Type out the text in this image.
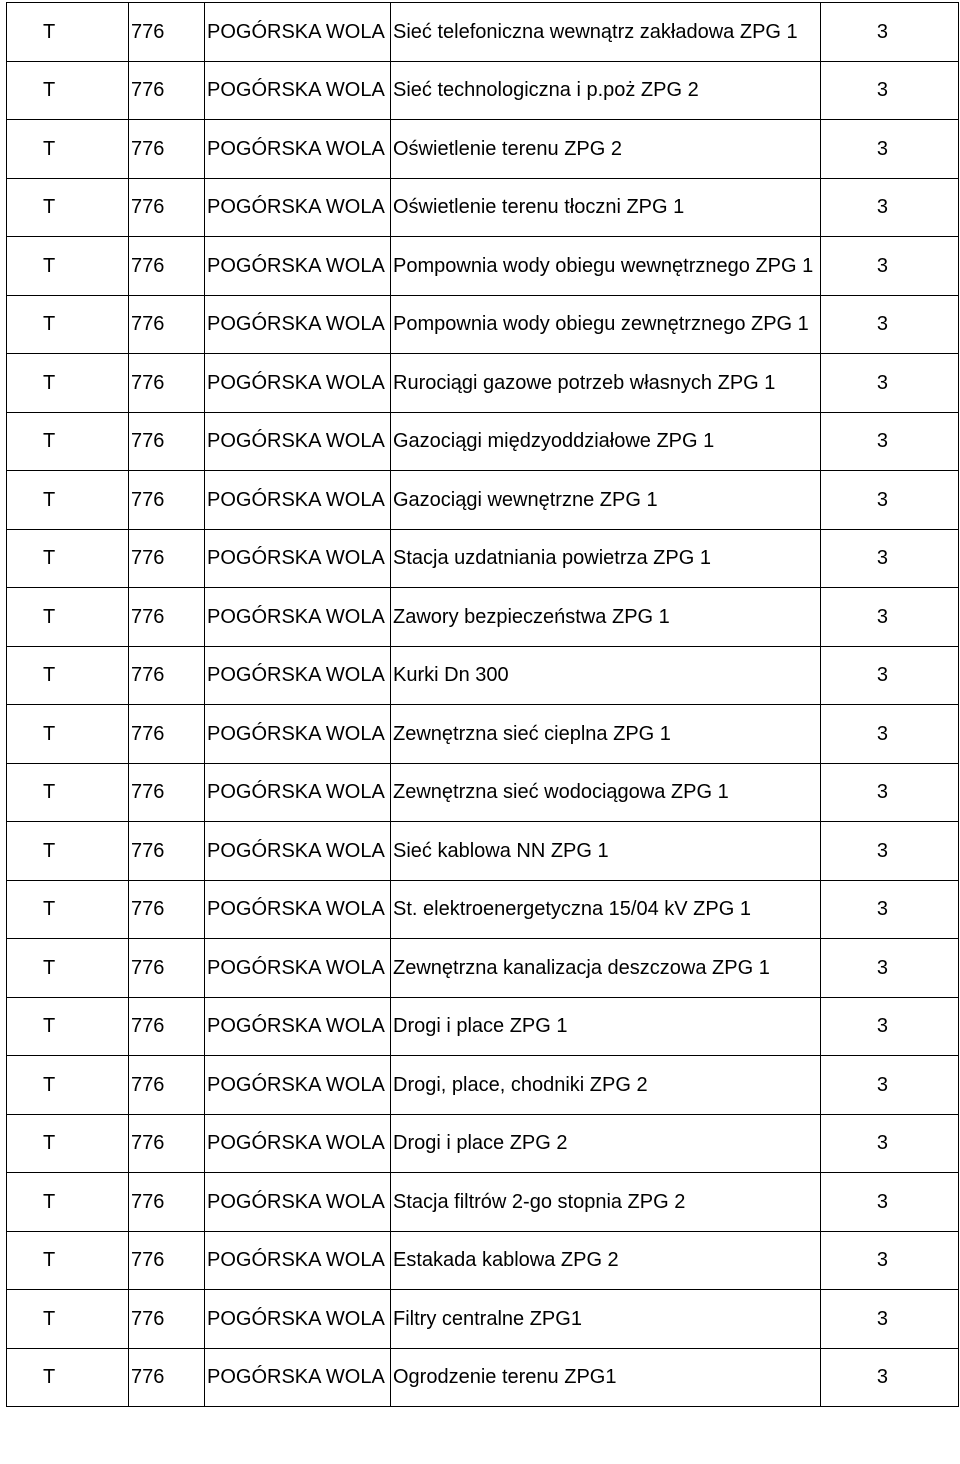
T	776	POGÓRSKA WOLA	Sieć telefoniczna wewnątrz zakładowa ZPG 1	3
T	776	POGÓRSKA WOLA	Sieć technologiczna i p.poż ZPG 2	3
T	776	POGÓRSKA WOLA	Oświetlenie terenu ZPG 2	3
T	776	POGÓRSKA WOLA	Oświetlenie terenu tłoczni ZPG 1	3
T	776	POGÓRSKA WOLA	Pompownia wody obiegu wewnętrznego ZPG 1	3
T	776	POGÓRSKA WOLA	Pompownia wody obiegu zewnętrznego ZPG 1	3
T	776	POGÓRSKA WOLA	Rurociągi gazowe potrzeb własnych ZPG 1	3
T	776	POGÓRSKA WOLA	Gazociągi międzyoddziałowe ZPG 1	3
T	776	POGÓRSKA WOLA	Gazociągi wewnętrzne ZPG 1	3
T	776	POGÓRSKA WOLA	Stacja uzdatniania powietrza ZPG 1	3
T	776	POGÓRSKA WOLA	Zawory bezpieczeństwa ZPG 1	3
T	776	POGÓRSKA WOLA	Kurki Dn 300	3
T	776	POGÓRSKA WOLA	Zewnętrzna sieć cieplna ZPG 1	3
T	776	POGÓRSKA WOLA	Zewnętrzna sieć wodociągowa ZPG 1	3
T	776	POGÓRSKA WOLA	Sieć kablowa NN ZPG 1	3
T	776	POGÓRSKA WOLA	St. elektroenergetyczna 15/04 kV ZPG 1	3
T	776	POGÓRSKA WOLA	Zewnętrzna kanalizacja deszczowa ZPG 1	3
T	776	POGÓRSKA WOLA	Drogi i place ZPG 1	3
T	776	POGÓRSKA WOLA	Drogi, place, chodniki ZPG 2	3
T	776	POGÓRSKA WOLA	Drogi i place ZPG 2	3
T	776	POGÓRSKA WOLA	Stacja filtrów 2-go stopnia ZPG 2	3
T	776	POGÓRSKA WOLA	Estakada kablowa ZPG 2	3
T	776	POGÓRSKA WOLA	Filtry centralne ZPG1	3
T	776	POGÓRSKA WOLA	Ogrodzenie terenu ZPG1	3
